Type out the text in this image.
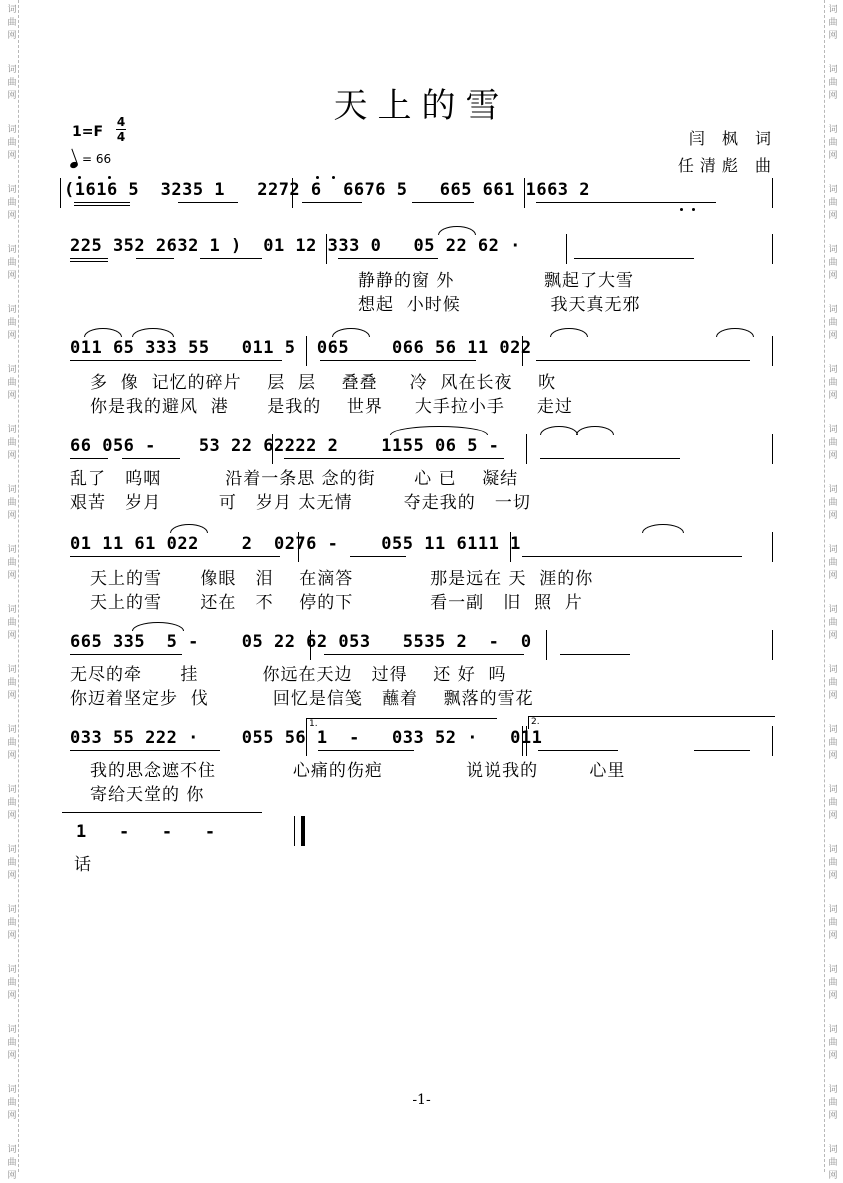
词
曲
网
词
曲
网
词
曲
网
词
曲
网
词
曲
网
词
曲
网
词
曲
网
词
曲
网
词
曲
网
词
曲
网
词
曲
网
词
曲
网
词
曲
网
词
曲
网
词
曲
网
词
曲
网
词
曲
网
词
曲
网
词
曲
网
词
曲
网
词
曲
网
词
曲
网
词
曲
网
词
曲
网
词
曲
网
词
曲
网
词
曲
网
词
曲
网
词
曲
网
词
曲
网
词
曲
网
词
曲
网
词
曲
网
词
曲
网
词
曲
网
词
曲
网
词
曲
网
词
曲
网
词
曲
网
词
曲
网
天上的雪
1=F
4
4
= 66
闫 枫 词
任清彪 曲
(1616 5  3235 1   2272 6  6676 5   665 661 1663 2
225 352 2632 1 )  01 12 333 0   05 22 62 ·
静静的窗 外              飘起了大雪
想起  小时候              我天真无邪
011 65 333 55   011 5  065    066 56 11 022
多  像  记忆的碎片    层  层    叠叠     冷  风在长夜    吹
你是我的避风  港      是我的    世界     大手拉小手     走过
66 056 -    53 22 62222 2    1155 06 5 -
乱了   呜咽          沿着一条思 念的街      心 已    凝结
艰苦   岁月         可   岁月 太无情        夺走我的   一切
01 11 61 022    2  0276 -    055 11 6111 1
天上的雪      像眼   泪    在滴答            那是远在 天  涯的你
天上的雪      还在   不    停的下            看一副   旧  照  片
665 335  5 -    05 22 62 053   5535 2  -  0
无尽的牵      挂          你远在天边   过得    还 好  吗
你迈着坚定步  伐          回忆是信笺   蘸着    飘落的雪花
033 55 222 ·    055 56 1  -   033 52 ·   011
我的思念遮不住            心痛的伤疤             说说我的        心里
寄给天堂的 你
1.	2.
1   -   -   -
话
-1-
